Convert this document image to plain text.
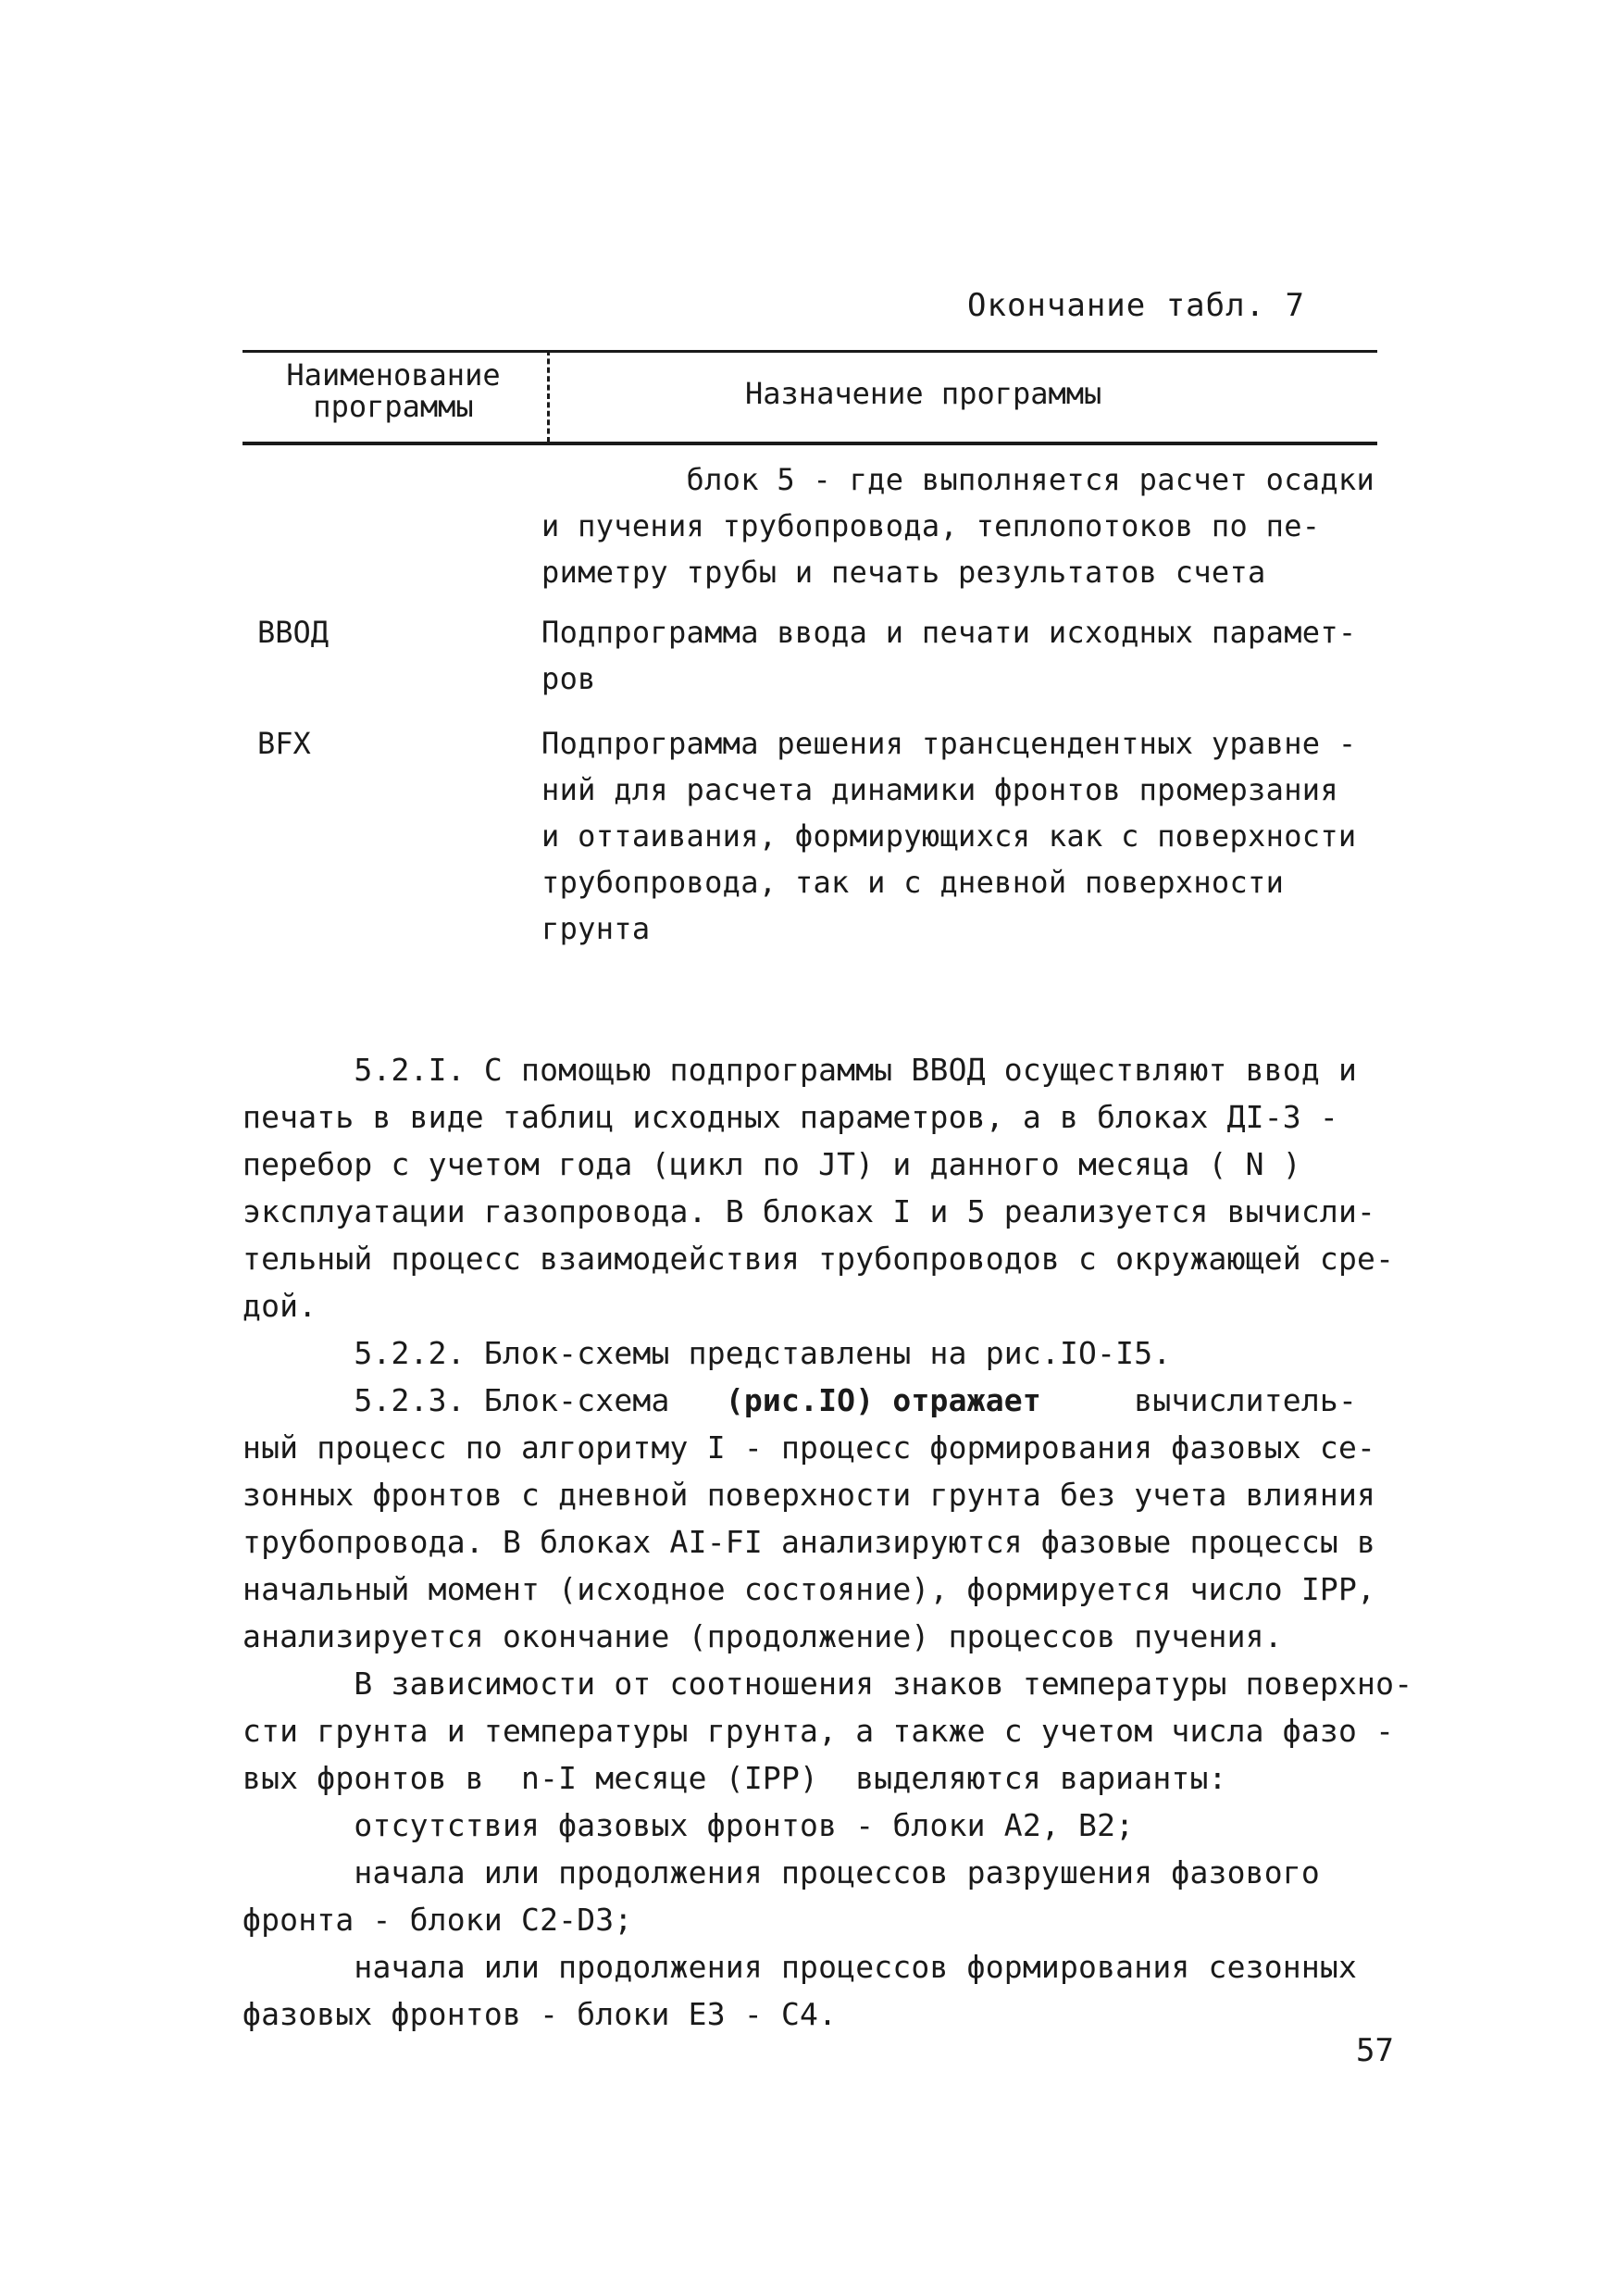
Окончание табл. 7
Наименование программы	Назначение программы
блок 5 - где выполняется расчет осадки
и пучения трубопровода, теплопотоков по пе-
риметру трубы и печать результатов счета
ВВОД	Подпрограмма ввода и печати исходных парамет-
ров
BFX	Подпрограмма решения трансцендентных уравне -
ний для расчета динамики фронтов промерзания
и оттаивания, формирующихся как с поверхности
трубопровода, так и с дневной поверхности
грунта
5.2.I. С помощью подпрограммы ВВОД осуществляют ввод и
печать в виде таблиц исходных параметров, а в блоках ДI-3 -
перебор с учетом года (цикл по JT) и данного месяца ( N )
эксплуатации газопровода. В блоках I и 5 реализуется вычисли-
тельный процесс взаимодействия трубопроводов с окружающей сре-
дой.
5.2.2. Блок-схемы представлены на рис.IO-I5.
5.2.3. Блок-схема   (рис.IO) отражает	вычислитель-
ный процесс по алгоритму I - процесс формирования фазовых се-
зонных фронтов с дневной поверхности грунта без учета влияния
трубопровода. В блоках AI-FI анализируются фазовые процессы в
начальный момент (исходное состояние), формируется число IPP,
анализируется окончание (продолжение) процессов пучения.
В зависимости от соотношения знаков температуры поверхно-
сти грунта и температуры грунта, а также с учетом числа фазо -
вых фронтов в  n-I месяце (IPP)  выделяются варианты:
отсутствия фазовых фронтов - блоки А2, В2;
начала или продолжения процессов разрушения фазового
фронта - блоки С2-D3;
начала или продолжения процессов формирования сезонных
фазовых фронтов - блоки Е3 - С4.
57
